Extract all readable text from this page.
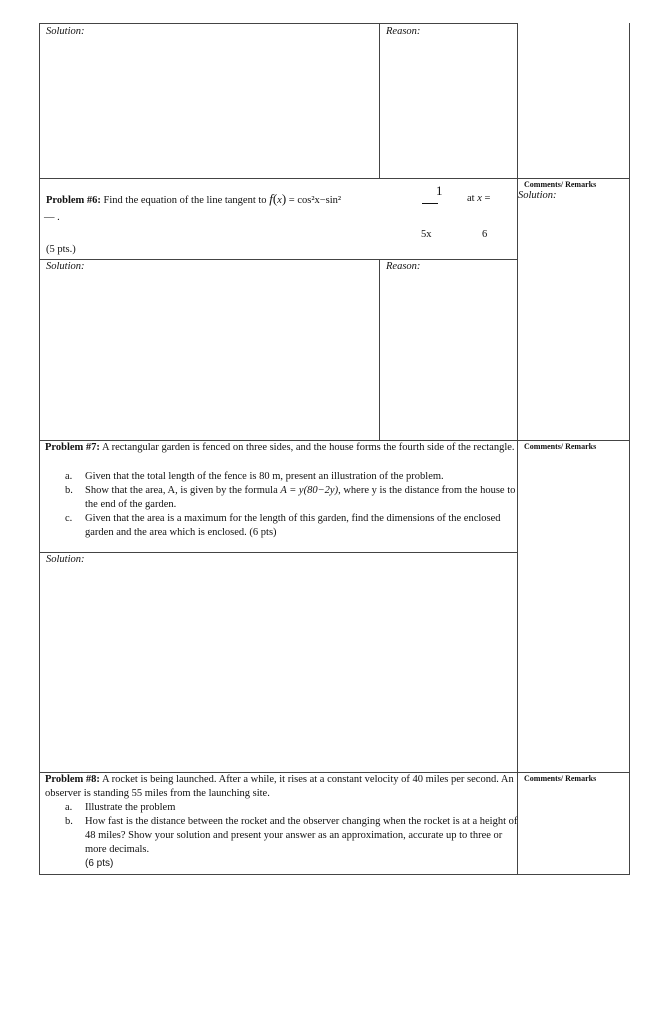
Solution:	Reason:
Comments/ Remarks
Solution:
Problem #6: Find the equation of the line tangent to f(x) = cos²x−sin²
1
5x
at x =
6
— .
(5 pts.)
Solution:	Reason:
Comments/ Remarks
Problem #7: A rectangular garden is fenced on three sides, and the house forms the fourth side of the rectangle.
a.	Given that the total length of the fence is 80 m, present an illustration of the problem.
b.	Show that the area, A, is given by the formula A = y(80−2y), where y is the distance from the house to the end of the garden.
c.	Given that the area is a maximum for the length of this garden, find the dimensions of the enclosed garden and the area which is enclosed. (6 pts)
Solution:
Comments/ Remarks
Problem #8: A rocket is being launched. After a while, it rises at a constant velocity of 40 miles per second. An observer is standing 55 miles from the launching site.
a.	Illustrate the problem
b.	How fast is the distance between the rocket and the observer changing when the rocket is at a height of 48 miles? Show your solution and present your answer as an approximation, accurate up to three or more decimals.
(6 pts)
